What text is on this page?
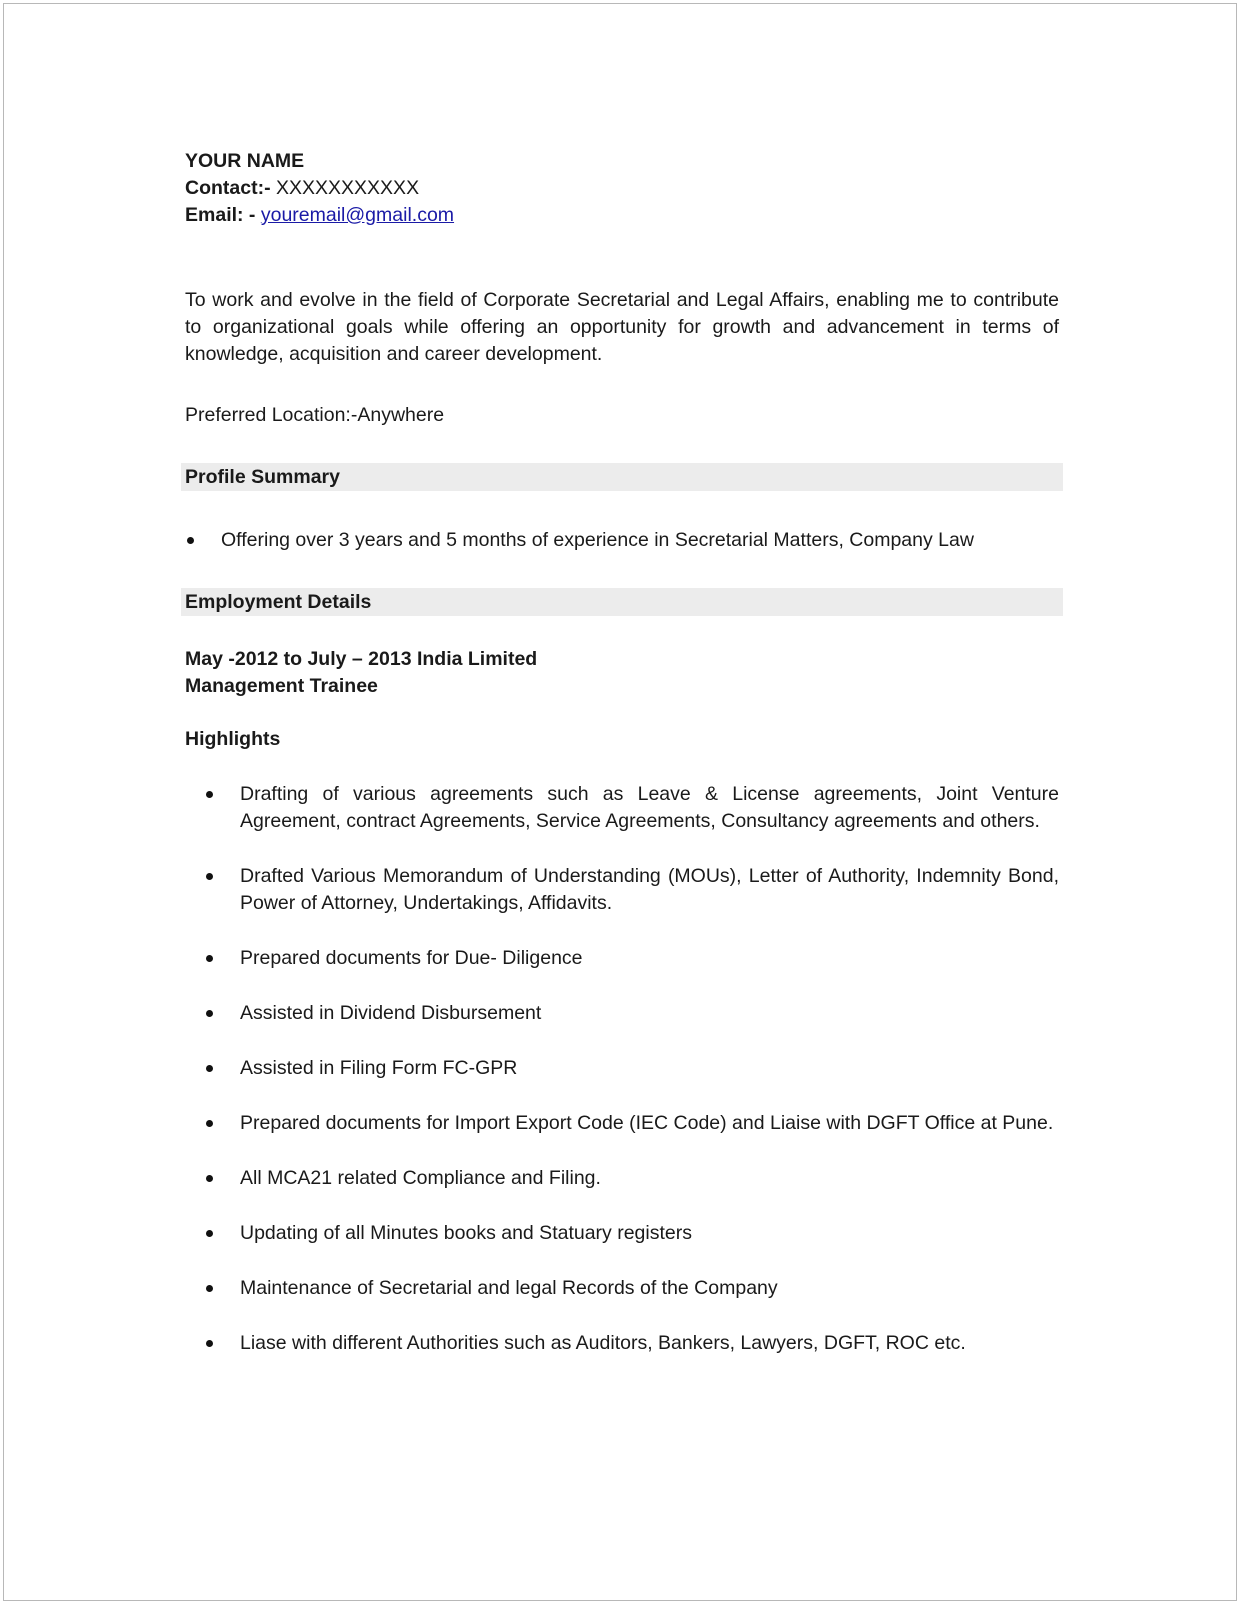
YOUR NAME
Contact:- XXXXXXXXXXX
Email: - youremail@gmail.com
To work and evolve in the field of Corporate Secretarial and Legal Affairs, enabling me to contribute to organizational goals while offering an opportunity for growth and advancement in terms of knowledge, acquisition and career development.
Preferred Location:-Anywhere
Profile Summary
Offering over 3 years and 5 months of experience in Secretarial Matters, Company Law
Employment Details
May -2012 to July – 2013 India Limited
Management Trainee
Highlights
Drafting of various agreements such as Leave & License agreements, Joint Venture Agreement, contract Agreements, Service Agreements, Consultancy agreements and others.
Drafted Various Memorandum of Understanding (MOUs), Letter of Authority, Indemnity Bond, Power of Attorney, Undertakings, Affidavits.
Prepared documents for Due- Diligence
Assisted in Dividend Disbursement
Assisted in Filing Form FC-GPR
Prepared documents for Import Export Code (IEC Code) and Liaise with DGFT Office at Pune.
All MCA21 related Compliance and Filing.
Updating of all Minutes books and Statuary registers
Maintenance of Secretarial and legal Records of the Company
Liase with different Authorities such as Auditors, Bankers, Lawyers, DGFT, ROC etc.
